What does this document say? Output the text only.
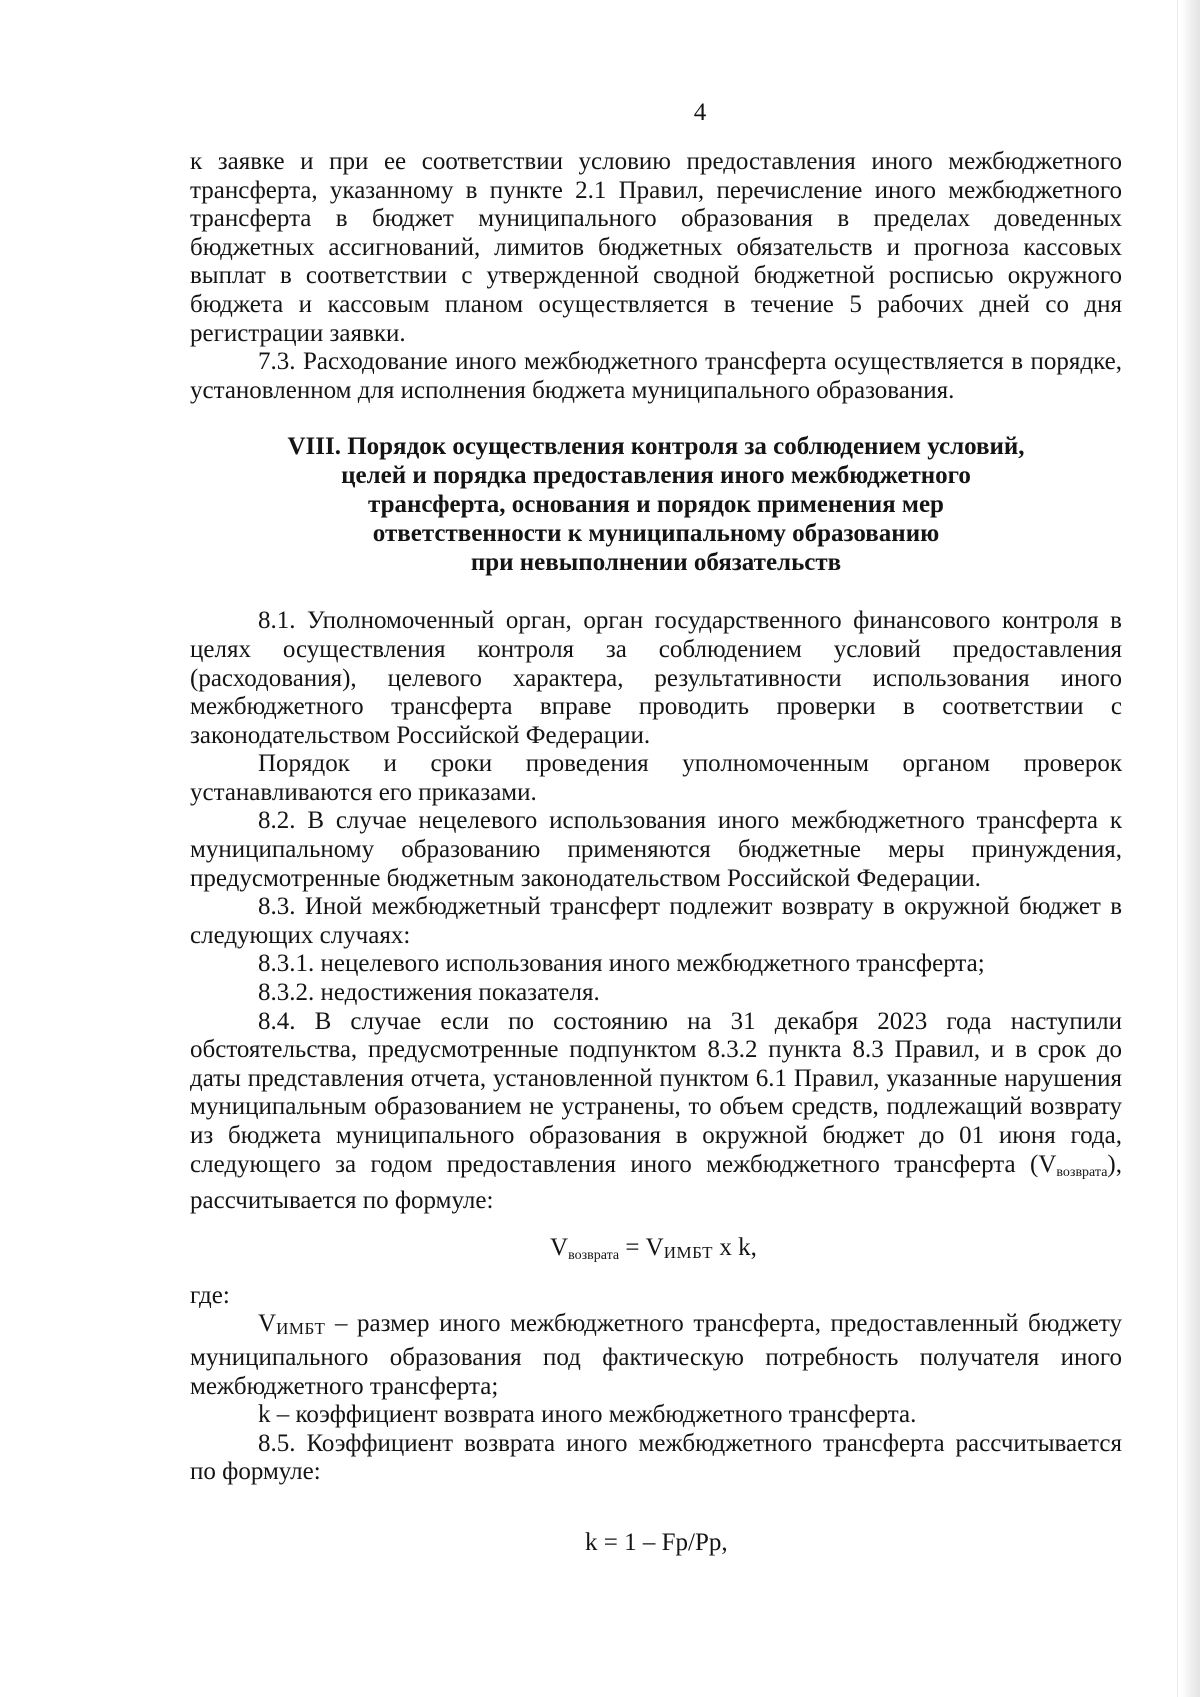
4

к заявке и при ее соответствии условию предоставления иного межбюджетного трансферта, указанному в пункте 2.1 Правил, перечисление иного межбюджетного трансферта в бюджет муниципального образования в пределах доведенных бюджетных ассигнований, лимитов бюджетных обязательств и прогноза кассовых выплат в соответствии с утвержденной сводной бюджетной росписью окружного бюджета и кассовым планом осуществляется в течение 5 рабочих дней со дня регистрации заявки.

7.3. Расходование иного межбюджетного трансферта осуществляется в порядке, установленном для исполнения бюджета муниципального образования.

VIII. Порядок осуществления контроля за соблюдением условий,
целей и порядка предоставления иного межбюджетного
трансферта, основания и порядок применения мер
ответственности к муниципальному образованию
при невыполнении обязательств

8.1. Уполномоченный орган, орган государственного финансового контроля в целях осуществления контроля за соблюдением условий предоставления (расходования), целевого характера, результативности использования иного межбюджетного трансферта вправе проводить проверки в соответствии с законодательством Российской Федерации.

Порядок и сроки проведения уполномоченным органом проверок устанавливаются его приказами.

8.2. В случае нецелевого использования иного межбюджетного трансферта к муниципальному образованию применяются бюджетные меры принуждения, предусмотренные бюджетным законодательством Российской Федерации.

8.3. Иной межбюджетный трансферт подлежит возврату в окружной бюджет в следующих случаях:

8.3.1. нецелевого использования иного межбюджетного трансферта;

8.3.2. недостижения показателя.

8.4. В случае если по состоянию на 31 декабря 2023 года наступили обстоятельства, предусмотренные подпунктом 8.3.2 пункта 8.3 Правил, и в срок до даты представления отчета, установленной пунктом 6.1 Правил, указанные нарушения муниципальным образованием не устранены, то объем средств, подлежащий возврату из бюджета муниципального образования в окружной бюджет до 01 июня года, следующего за годом предоставления иного межбюджетного трансферта (Vвозврата), рассчитывается по формуле:

$V_{возврата}$ = VИМБТ x k,

где:

VИМБТ – размер иного межбюджетного трансферта, предоставленный бюджету муниципального образования под фактическую потребность получателя иного межбюджетного трансферта;

k – коэффициент возврата иного межбюджетного трансферта.

8.5. Коэффициент возврата иного межбюджетного трансферта рассчитывается по формуле:

k = 1 – Fp/Pp,
